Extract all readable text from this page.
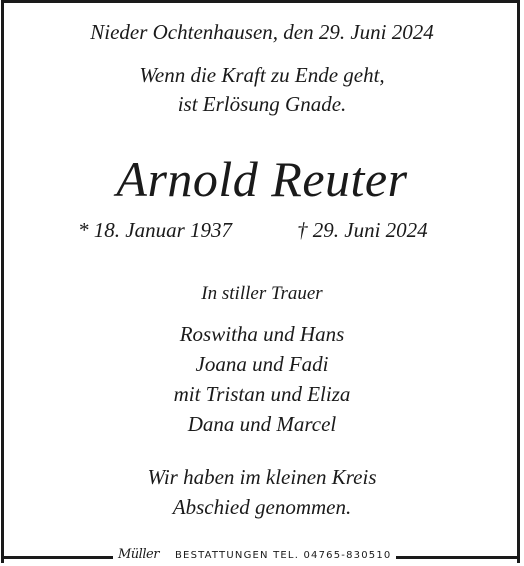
Nieder Ochtenhausen, den 29. Juni 2024
Wenn die Kraft zu Ende geht,
ist Erlösung Gnade.
Arnold Reuter
* 18. Januar 1937	† 29. Juni 2024
In stiller Trauer
Roswitha und Hans
Joana und Fadi
mit Tristan und Eliza
Dana und Marcel
Wir haben im kleinen Kreis
Abschied genommen.
Müller BESTATTUNGEN TEL. 04765-830510
